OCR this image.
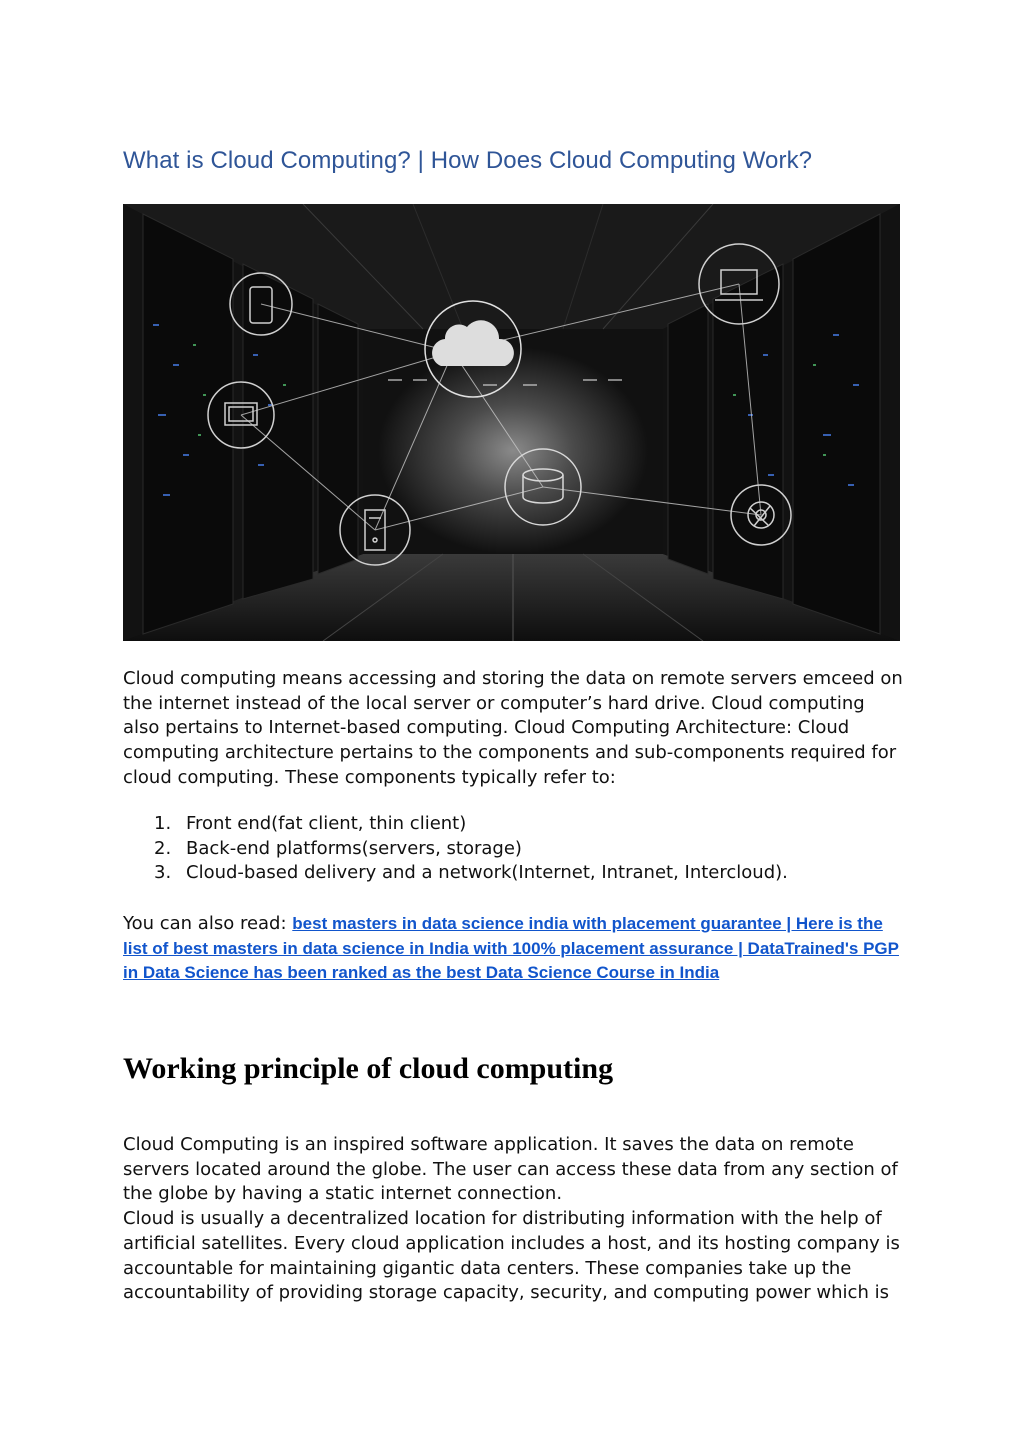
What is Cloud Computing? | How Does Cloud Computing Work?

Cloud computing means accessing and storing the data on remote servers emceed on the internet instead of the local server or computer’s hard drive. Cloud computing also pertains to Internet-based computing. Cloud Computing Architecture: Cloud computing architecture pertains to the components and sub-components required for cloud computing. These components typically refer to:

1. Front end(fat client, thin client)
2. Back-end platforms(servers, storage)
3. Cloud-based delivery and a network(Internet, Intranet, Intercloud).

You can also read: best masters in data science india with placement guarantee | Here is the list of best masters in data science in India with 100% placement assurance | DataTrained's PGP in Data Science has been ranked as the best Data Science Course in India

Working principle of cloud computing

Cloud Computing is an inspired software application. It saves the data on remote servers located around the globe. The user can access these data from any section of the globe by having a static internet connection.

Cloud is usually a decentralized location for distributing information with the help of artificial satellites. Every cloud application includes a host, and its hosting company is accountable for maintaining gigantic data centers. These companies take up the accountability of providing storage capacity, security, and computing power which is
